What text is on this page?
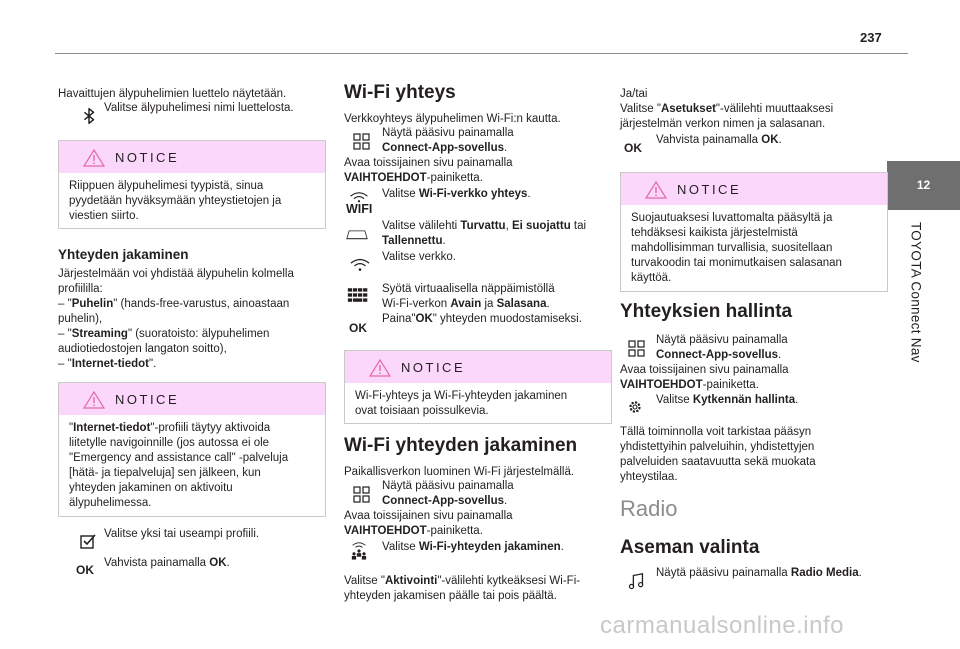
237
12
TOYOTA Connect Nav
Havaittujen älypuhelimien luettelo näytetään.
Valitse älypuhelimesi nimi luettelosta.
NOTICE
Riippuen älypuhelimesi tyypistä, sinua
pyydetään hyväksymään yhteystietojen ja
viestien siirto.
Yhteyden jakaminen
Järjestelmään voi yhdistää älypuhelin kolmella
profiililla:
– "Puhelin" (hands-free-varustus, ainoastaan
puhelin),
– "Streaming" (suoratoisto: älypuhelimen
audiotiedostojen langaton soitto),
– "Internet-tiedot".
NOTICE
"Internet-tiedot"-profiili täytyy aktivoida
liitetylle navigoinnille (jos autossa ei ole
"Emergency and assistance call" -palveluja
[hätä- ja tiepalveluja] sen jälkeen, kun
yhteyden jakaminen on aktivoitu
älypuhelimessa.
Valitse yksi tai useampi profiili.
OK Vahvista painamalla OK.
Wi-Fi yhteys
Verkkoyhteys älypuhelimen Wi-Fi:n kautta.
Näytä pääsivu painamalla
Connect-App-sovellus.
Avaa toissijainen sivu painamalla
VAIHTOEHDOT-painiketta.
WIFI
Valitse Wi-Fi-verkko yhteys.
Valitse välilehti Turvattu, Ei suojattu tai
Tallennettu.
Valitse verkko.
Syötä virtuaalisella näppäimistöllä
Wi-Fi-verkon Avain ja Salasana.
OK
Paina"OK" yhteyden muodostamiseksi.
NOTICE
Wi-Fi-yhteys ja Wi-Fi-yhteyden jakaminen
ovat toisiaan poissulkevia.
Wi-Fi yhteyden jakaminen
Paikallisverkon luominen Wi-Fi järjestelmällä.
Näytä pääsivu painamalla
Connect-App-sovellus.
Avaa toissijainen sivu painamalla
VAIHTOEHDOT-painiketta.
Valitse Wi-Fi-yhteyden jakaminen.
Valitse "Aktivointi"-välilehti kytkeäksesi Wi-Fi-
yhteyden jakamisen päälle tai pois päältä.
Ja/tai
Valitse "Asetukset"-välilehti muuttaaksesi
järjestelmän verkon nimen ja salasanan.
OK
Vahvista painamalla OK.
NOTICE
Suojautuaksesi luvattomalta pääsyltä ja
tehdäksesi kaikista järjestelmistä
mahdollisimman turvallisia, suositellaan
turvakoodin tai monimutkaisen salasanan
käyttöä.
Yhteyksien hallinta
Näytä pääsivu painamalla
Connect-App-sovellus.
Avaa toissijainen sivu painamalla
VAIHTOEHDOT-painiketta.
Valitse Kytkennän hallinta.
Tällä toiminnolla voit tarkistaa pääsyn
yhdistettyihin palveluihin, yhdistettyjen
palveluiden saatavuutta sekä muokata
yhteystilaa.
Radio
Aseman valinta
Näytä pääsivu painamalla Radio Media.
carmanualsonline.info
